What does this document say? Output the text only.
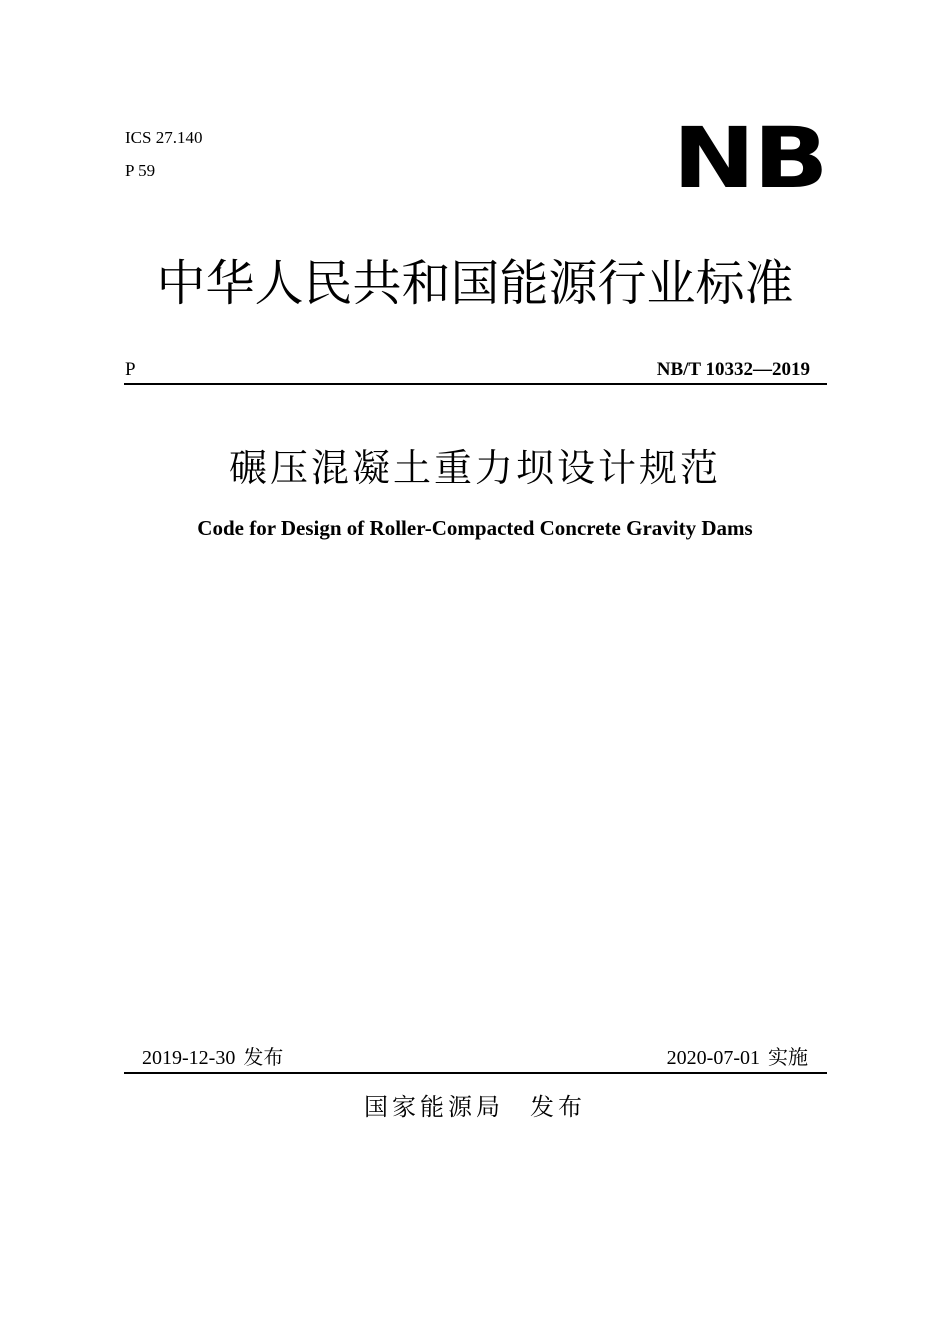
ICS 27.140
P 59	NB
中华人民共和国能源行业标准
P	NB/T 10332—2019
碾压混凝土重力坝设计规范
Code for Design of Roller-Compacted Concrete Gravity Dams
2019-12-30 发布	2020-07-01 实施
国家能源局 发布
